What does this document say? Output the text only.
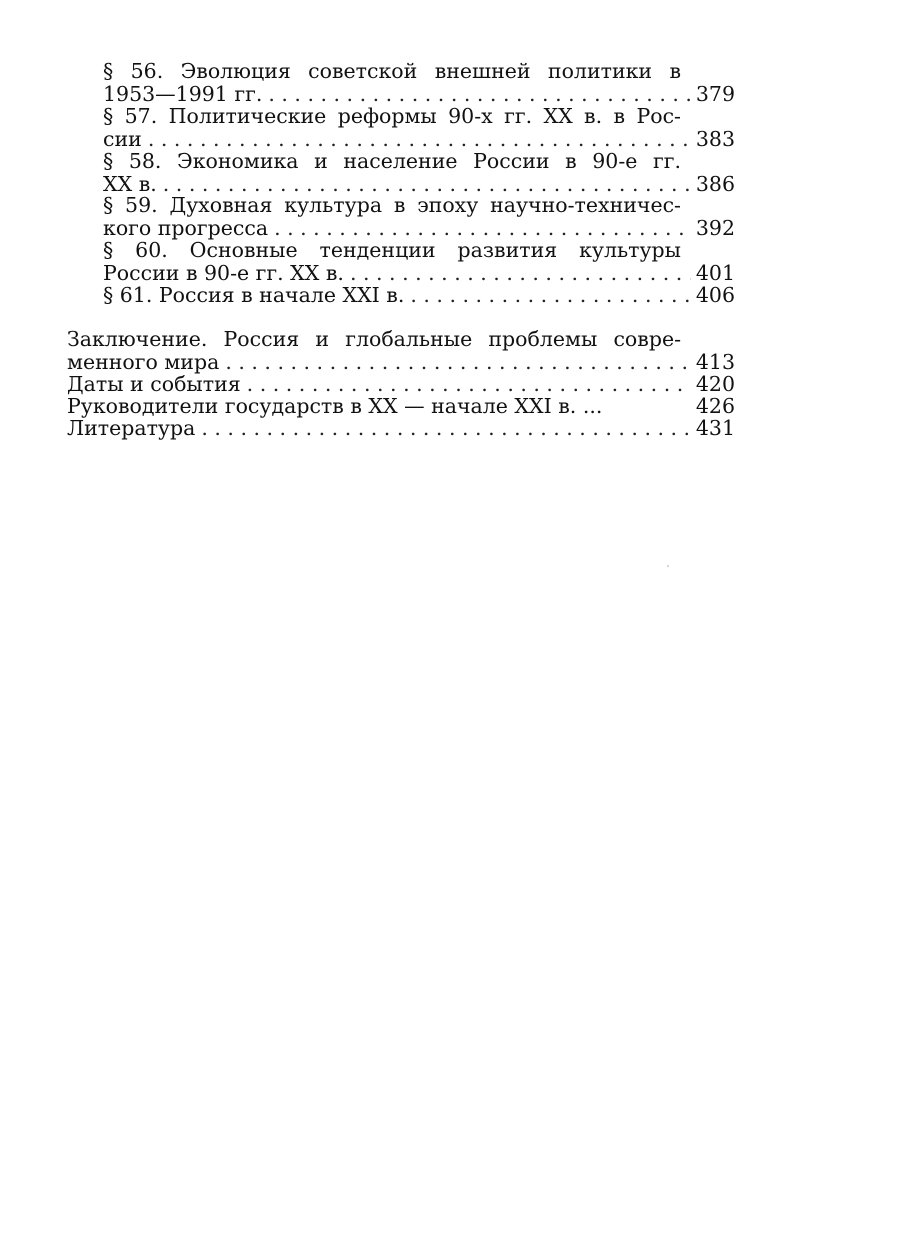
§ 56. Эволюция советской внешней политики в
1953—1991 гг. . . .	379
§ 57. Политические реформы 90-х гг. XX в. в Рос-
сии . . .	383
§ 58. Экономика и население России в 90-е гг.
XX в. . . .	386
§ 59. Духовная культура в эпоху научно-техничес-
кого прогресса . . .	392
§ 60. Основные тенденции развития культуры
России в 90-е гг. XX в. . . .	401
§ 61. Россия в начале XXI в. . . .	406
Заключение. Россия и глобальные проблемы совре-
менного мира . . .	413
Даты и события . . .	420
Руководители государств в XX — начале XXI в. ...	426
Литература . . .	431
